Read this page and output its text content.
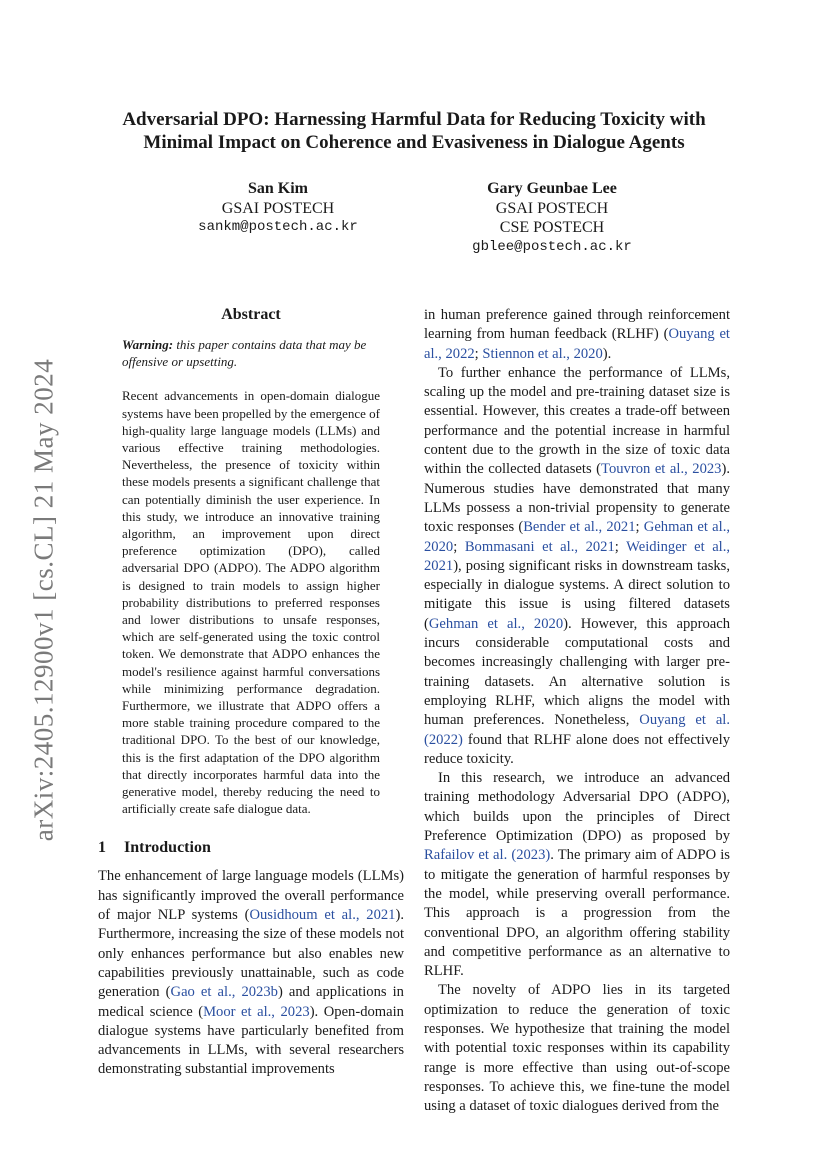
arXiv:2405.12900v1 [cs.CL] 21 May 2024
Adversarial DPO: Harnessing Harmful Data for Reducing Toxicity with Minimal Impact on Coherence and Evasiveness in Dialogue Agents
San Kim
GSAI POSTECH
sankm@postech.ac.kr
Gary Geunbae Lee
GSAI POSTECH
CSE POSTECH
gblee@postech.ac.kr
Abstract

Warning: this paper contains data that may be offensive or upsetting.

Recent advancements in open-domain dialogue systems have been propelled by the emergence of high-quality large language models (LLMs) and various effective training methodologies. Nevertheless, the presence of toxicity within these models presents a significant challenge that can potentially diminish the user experience. In this study, we introduce an innovative training algorithm, an improvement upon direct preference optimization (DPO), called adversarial DPO (ADPO). The ADPO algorithm is designed to train models to assign higher probability distributions to preferred responses and lower distributions to unsafe responses, which are self-generated using the toxic control token. We demonstrate that ADPO enhances the model's resilience against harmful conversations while minimizing performance degradation. Furthermore, we illustrate that ADPO offers a more stable training procedure compared to the traditional DPO. To the best of our knowledge, this is the first adaptation of the DPO algorithm that directly incorporates harmful data into the generative model, thereby reducing the need to artificially create safe dialogue data.

1 Introduction

The enhancement of large language models (LLMs) has significantly improved the overall performance of major NLP systems (Ousidhoum et al., 2021). Furthermore, increasing the size of these models not only enhances performance but also enables new capabilities previously unattainable, such as code generation (Gao et al., 2023b) and applications in medical science (Moor et al., 2023). Open-domain dialogue systems have particularly benefited from advancements in LLMs, with several researchers demonstrating substantial improvements

in human preference gained through reinforcement learning from human feedback (RLHF) (Ouyang et al., 2022; Stiennon et al., 2020).

To further enhance the performance of LLMs, scaling up the model and pre-training dataset size is essential. However, this creates a trade-off between performance and the potential increase in harmful content due to the growth in the size of toxic data within the collected datasets (Touvron et al., 2023). Numerous studies have demonstrated that many LLMs possess a non-trivial propensity to generate toxic responses (Bender et al., 2021; Gehman et al., 2020; Bommasani et al., 2021; Weidinger et al., 2021), posing significant risks in downstream tasks, especially in dialogue systems. A direct solution to mitigate this issue is using filtered datasets (Gehman et al., 2020). However, this approach incurs considerable computational costs and becomes increasingly challenging with larger pre-training datasets. An alternative solution is employing RLHF, which aligns the model with human preferences. Nonetheless, Ouyang et al. (2022) found that RLHF alone does not effectively reduce toxicity.

In this research, we introduce an advanced training methodology Adversarial DPO (ADPO), which builds upon the principles of Direct Preference Optimization (DPO) as proposed by Rafailov et al. (2023). The primary aim of ADPO is to mitigate the generation of harmful responses by the model, while preserving overall performance. This approach is a progression from the conventional DPO, an algorithm offering stability and competitive performance as an alternative to RLHF.

The novelty of ADPO lies in its targeted optimization to reduce the generation of toxic responses. We hypothesize that training the model with potential toxic responses within its capability range is more effective than using out-of-scope responses. To achieve this, we fine-tune the model using a dataset of toxic dialogues derived from the
